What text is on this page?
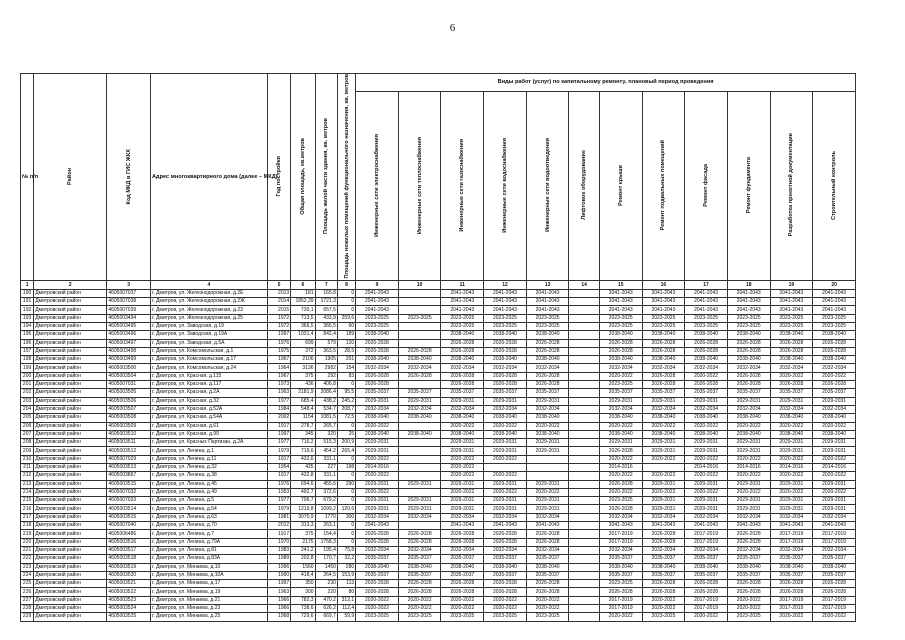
6
№ п/п	Район	Код МКД в ГИС ЖКХ	Адрес многоквартирного дома (далее – МКД)	Год постройки	Общая площадь, кв.метров	Площадь жилой части здания, кв. метров	Площадь нежилых помещений функционального назначения, кв. метров	Виды работ (услуг) по капитальному ремонту, плановый период проведения											
								Инженерные сети электроснабжения	Инженерные сети теплоснабжения	Инженерные сети газоснабжения	Инженерные сети водоснабжения	Инженерные сети водоотведения	Лифтовое оборудование	Ремонт крыши	Ремонт подвальных помещений	Ремонт фасада	Ремонт фундамента	Разработка проектной документации	Строительный контроль
1	2	3	4	5	6	7	8	9	10	11	12	13	14	15	16	17	18	19	20
190	Дмитровский район	4605007037	г. Дмитров, ул. Железнодорожная, д.2Е	2013	181	165,8	0	2041-2043		2041-2043	2041-2043	2041-2043		2041-2043	2041-2043	2041-2043	2041-2043	2041-2043	2041-2043
191	Дмитровский район	4605007038	г. Дмитров, ул. Железнодорожная, д.2Ж	2014	1852,39	1721,3	0	2041-2043		2041-2043	2041-2043	2041-2043		2041-2043	2041-2043	2041-2043	2041-2043	2041-2043	2041-2043
192	Дмитровский район	4605007039	г. Дмитров, ул. Железнодорожная, д.23	2015	730,1	657,5	0	2041-2043		2041-2043	2041-2043	2041-2043		2041-2043	2041-2043	2041-2043	2041-2043	2041-2043	2041-2043
193	Дмитровский район	4605003494	г. Дмитров, ул. Железнодорожная, д.25	1972	713,5	433,9	259,6	2023-2025	2023-2025	2023-2025	2023-2025	2023-2025		2023-2025	2023-2025	2023-2025	2023-2025	2023-2025	2023-2025
194	Дмитровский район	4605003495	г. Дмитров, ул. Заводская, д.19	1972	366,5	366,5	60	2023-2025		2023-2025	2023-2025	2023-2025		2023-2025	2023-2025	2023-2025	2023-2025	2023-2025	2023-2025
195	Дмитровский район	4605003496	г. Дмитров, ул. Заводская, д.19А	1997	1031,4	842,4	189	2038-2040		2038-2040	2038-2040	2038-2040		2038-2040	2038-2040	2038-2040	2038-2040	2038-2040	2038-2040
196	Дмитровский район	4605003497	г. Дмитров, ул. Заводская, д.5А	1976	699	579	120	2026-2028		2026-2028	2026-2028	2026-2028		2026-2028	2026-2028	2026-2028	2026-2028	2026-2028	2026-2028
197	Дмитровский район	4605003498	г. Дмитров, ул. Комсомольская, д.1	1975	372	363,5	28,5	2026-2028	2026-2028	2026-2028	2026-2028	2026-2028		2026-2028	2026-2028	2026-2028	2026-2028	2026-2028	2026-2028
198	Дмитровский район	4605003499	г. Дмитров, ул. Комсомольская, д.17	1967	2106	1905	201	2038-2040	2038-2040	2038-2040	2038-2040	2038-2040		2038-2040	2038-2040	2038-2040	2038-2040	2038-2040	2038-2040
199	Дмитровский район	4605003500	г. Дмитров, ул. Комсомольская, д.24	1964	3136	2982	154	2032-2034	2032-2034	2032-2034	2032-2034	2032-2034		2032-2034	2032-2034	2032-2034	2032-2034	2032-2034	2032-2034
200	Дмитровский район	4605003504	г. Дмитров, ул. Красная, д.115	1967	375	292	83	2026-2028	2026-2028	2026-2028	2026-2028	2026-2028		2020-2022	2026-2028	2020-2022	2026-2028	2020-2022	2020-2022
201	Дмитровский район	4605007031	г. Дмитров, ул. Красная, д.117	1973	436	406,8	0	2026-2028		2026-2028	2026-2028	2026-2028		2023-2025	2026-2028	2026-2028	2026-2028	2026-2028	2026-2028
202	Дмитровский район	4605003505	г. Дмитров, ул. Красная, д.2А	1963	2181,9	2086,4	95,5	2035-2037	2035-2037	2035-2037	2035-2037	2035-2037		2035-2037	2035-2037	2035-2037	2035-2037	2035-2037	2035-2037
203	Дмитровский район	4605003506	г. Дмитров, ул. Красная, д.32	1977	685,4	438,2	245,2	2029-2031	2029-2031	2029-2031	2029-2031	2029-2031		2029-2031	2029-2031	2029-2031	2029-2031	2029-2031	2029-2031
204	Дмитровский район	4605003507	г. Дмитров, ул. Красная, д.52А	1984	548,4	534,7	208,7	2032-2034	2032-2034	2032-2034	2032-2034	2032-2034		2032-2034	2032-2034	2032-2034	2032-2034	2032-2034	2032-2034
205	Дмитровский район	4605003508	г. Дмитров, ул. Красная, д.54А	2002	1154	1081,5	72,5	2038-2040	2038-2040	2038-2040	2038-2040	2038-2040		2038-2040	2038-2040	2038-2040	2038-2040	2038-2040	2038-2040
206	Дмитровский район	4605003509	г. Дмитров, ул. Красная, д.61	1917	278,7	265,7	0	2020-2022		2020-2022	2020-2022	2020-2022		2020-2022	2020-2022	2020-2022	2020-2022	2020-2022	2020-2022
207	Дмитровский район	4605003510	г. Дмитров, ул. Красная, д.99	1997	345	320	25	2038-2040	2038-2040	2038-2040	2038-2040	2038-2040		2038-2040	2038-2040	2038-2040	2038-2040	2038-2040	2038-2040
208	Дмитровский район	4605003511	г. Дмитров, ул. Красных Партизан, д.2А	1977	716,2	515,3	200,9	2029-2031		2029-2031	2029-2031	2029-2031		2029-2031	2029-2031	2029-2031	2029-2031	2029-2031	2029-2031
209	Дмитровский район	4605003512	г. Дмитров, ул. Ленина, д.1	1979	719,6	454,2	265,4	2029-2031		2029-2031	2029-2031	2029-2031		2026-2028	2029-2031	2029-2031	2029-2031	2029-2031	2029-2031
210	Дмитровский район	4605007029	г. Дмитров, ул. Ленина, д.11	1917	432,6	331,1	0	2020-2022		2020-2022	2020-2022			2020-2022	2020-2022	2020-2022	2020-2022	2020-2022	2020-2022
211	Дмитровский район	4605003513	г. Дмитров, ул. Ленина, д.32	1954	425	227	198	2014-2016		2020-2022				2014-2016		2014-2016	2014-2016	2014-2016	2014-2016
212	Дмитровский район	4605003867	г. Дмитров, ул. Ленина, д.38	1917	432,8	331,1	0	2020-2022		2020-2022	2020-2022			2020-2022	2020-2022	2020-2022	2020-2022	2020-2022	2020-2022
213	Дмитровский район	4605003515	г. Дмитров, ул. Ленина, д.45	1976	694,6	455,6	290	2029-2031	2029-2031	2029-2031	2029-2031	2029-2031		2026-2028	2029-2031	2029-2031	2029-2031	2029-2031	2029-2031
214	Дмитровский район	4605007032	г. Дмитров, ул. Ленина, д.49	1953	492,7	372,6	0	2020-2022		2020-2022	2020-2022	2020-2022		2020-2022	2020-2022	2020-2022	2020-2022	2020-2022	2020-2022
215	Дмитровский район	4605007033	г. Дмитров, ул. Ленина, д.5	1977	706,7	679,2	0	2029-2031	2029-2031	2029-2031	2029-2031	2029-2031		2023-2025	2029-2031	2029-2031	2029-2031	2029-2031	2029-2031
216	Дмитровский район	4605003514	г. Дмитров, ул. Ленина, д.54	1979	1219,8	1099,2	120,6	2029-2031	2029-2031	2029-2031	2029-2031	2029-2031		2026-2028	2029-2031	2029-2031	2029-2031	2029-2031	2029-2031
217	Дмитровский район	4605003515	г. Дмитров, ул. Ленина, д.63	1981	3070,9	1770	300	2032-2034	2032-2034	2032-2034	2032-2034	2032-2034		2032-2034	2032-2034	2032-2034	2032-2034	2032-2034	2032-2034
218	Дмитровский район	4605007040	г. Дмитров, ул. Ленина, д.70	2012	313,3	263,1	0	2041-2043		2041-2043	2041-2043	2041-2043		2041-2043	2041-2043	2041-2043	2041-2043	2041-2043	2041-2043
219	Дмитровский район	4605006486	г. Дмитров, ул. Ленина, д.7	1917	375	154,4	0	2026-2028	2026-2028	2026-2028	2026-2028	2026-2028		2017-2019	2026-2028	2017-2019	2026-2028	2017-2019	2017-2019
220	Дмитровский район	4605003516	г. Дмитров, ул. Ленина, д.79А	1970	2175	1758,3	0	2026-2028	2026-2028	2026-2028	2026-2028	2026-2028		2017-2019	2026-2028	2017-2019	2026-2028	2017-2019	2017-2019
221	Дмитровский район	4605003517	г. Дмитров, ул. Ленина, д.81	1983	241,2	195,4	75,8	2032-2034	2032-2034	2032-2034	2032-2034	2032-2034		2032-2034	2032-2034	2032-2034	2032-2034	2032-2034	2032-2034
222	Дмитровский район	4605003518	г. Дмитров, ул. Ленина, д.83А	1989	202,8	170,7	32,2	2035-2037	2035-2037	2035-2037	2035-2037	2035-2037		2035-2037	2035-2037	2035-2037	2035-2037	2035-2037	2035-2037
223	Дмитровский район	4605003519	г. Дмитров, ул. Минаева, д.10	1996	1560	1450	280	2038-2040	2038-2040	2038-2040	2038-2040	2038-2040		2038-2040	2038-2040	2038-2040	2038-2040	2038-2040	2038-2040
224	Дмитровский район	4605003520	г. Дмитров, ул. Минаева, д.10А	1990	418,4	264,5	153,9	2035-2037	2035-2037	2035-2037	2035-2037	2035-2037		2035-2037	2035-2037	2035-2037	2035-2037	2035-2037	2035-2037
225	Дмитровский район	4605003521	г. Дмитров, ул. Минаева, д.17	1997	350	230	113	2026-2028	2026-2028	2026-2028	2026-2028	2026-2028		2023-2025	2026-2028	2026-2028	2026-2028	2026-2028	2026-2028
226	Дмитровский район	4605003522	г. Дмитров, ул. Минаева, д.19	1963	300	220	80	2026-2028	2026-2028	2026-2028	2026-2028	2026-2028		2026-2028	2026-2028	2026-2028	2026-2028	2026-2028	2026-2028
227	Дмитровский район	4605003523	г. Дмитров, ул. Минаева, д.21	1966	782,3	470,2	312,1	2020-2022	2020-2022	2020-2022	2020-2022	2020-2022		2017-2019	2020-2022	2017-2019	2020-2022	2017-2019	2017-2019
228	Дмитровский район	4605003524	г. Дмитров, ул. Минаева, д.23	1966	738,6	626,2	112,4	2020-2022	2020-2022	2020-2022	2020-2022	2020-2022		2017-2019	2020-2022	2017-2019	2020-2022	2017-2019	2017-2019
229	Дмитровский район	4605003525	г. Дмитров, ул. Минаева, д.25	1968	729,6	669,7	59,9	2023-2025	2023-2025	2023-2025	2023-2025	2023-2025		2020-2022	2023-2025	2020-2022	2023-2025	2020-2022	2020-2022
